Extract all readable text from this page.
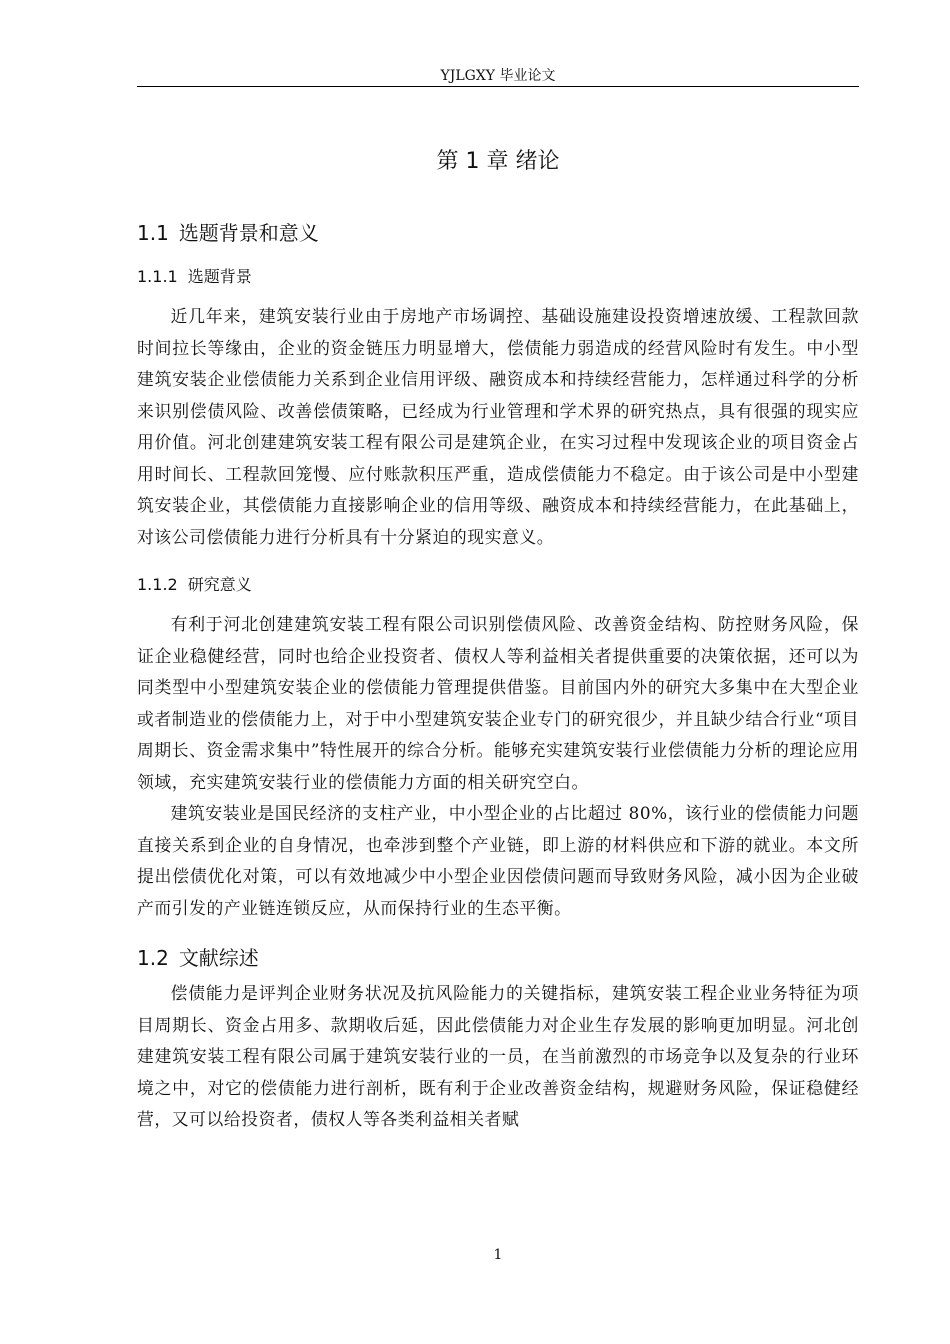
YJLGXY 毕业论文
第 1 章 绪论
1.1 选题背景和意义
1.1.1 选题背景

近几年来，建筑安装行业由于房地产市场调控、基础设施建设投资增速放缓、工程款回款时间拉长等缘由，企业的资金链压力明显增大，偿债能力弱造成的经营风险时有发生。中小型建筑安装企业偿债能力关系到企业信用评级、融资成本和持续经营能力，怎样通过科学的分析来识别偿债风险、改善偿债策略，已经成为行业管理和学术界的研究热点，具有很强的现实应用价值。河北创建建筑安装工程有限公司是建筑企业，在实习过程中发现该企业的项目资金占用时间长、工程款回笼慢、应付账款积压严重，造成偿债能力不稳定。由于该公司是中小型建筑安装企业，其偿债能力直接影响企业的信用等级、融资成本和持续经营能力，在此基础上，对该公司偿债能力进行分析具有十分紧迫的现实意义。

1.1.2 研究意义

有利于河北创建建筑安装工程有限公司识别偿债风险、改善资金结构、防控财务风险，保证企业稳健经营，同时也给企业投资者、债权人等利益相关者提供重要的决策依据，还可以为同类型中小型建筑安装企业的偿债能力管理提供借鉴。目前国内外的研究大多集中在大型企业或者制造业的偿债能力上，对于中小型建筑安装企业专门的研究很少，并且缺少结合行业“项目周期长、资金需求集中”特性展开的综合分析。能够充实建筑安装行业偿债能力分析的理论应用领域，充实建筑安装行业的偿债能力方面的相关研究空白。

建筑安装业是国民经济的支柱产业，中小型企业的占比超过 80%，该行业的偿债能力问题直接关系到企业的自身情况，也牵涉到整个产业链，即上游的材料供应和下游的就业。本文所提出偿债优化对策，可以有效地减少中小型企业因偿债问题而导致财务风险，减小因为企业破产而引发的产业链连锁反应，从而保持行业的生态平衡。

1.2 文献综述

偿债能力是评判企业财务状况及抗风险能力的关键指标，建筑安装工程企业业务特征为项目周期长、资金占用多、款期收后延，因此偿债能力对企业生存发展的影响更加明显。河北创建建筑安装工程有限公司属于建筑安装行业的一员，在当前激烈的市场竞争以及复杂的行业环境之中，对它的偿债能力进行剖析，既有利于企业改善资金结构，规避财务风险，保证稳健经营，又可以给投资者，债权人等各类利益相关者赋

1
